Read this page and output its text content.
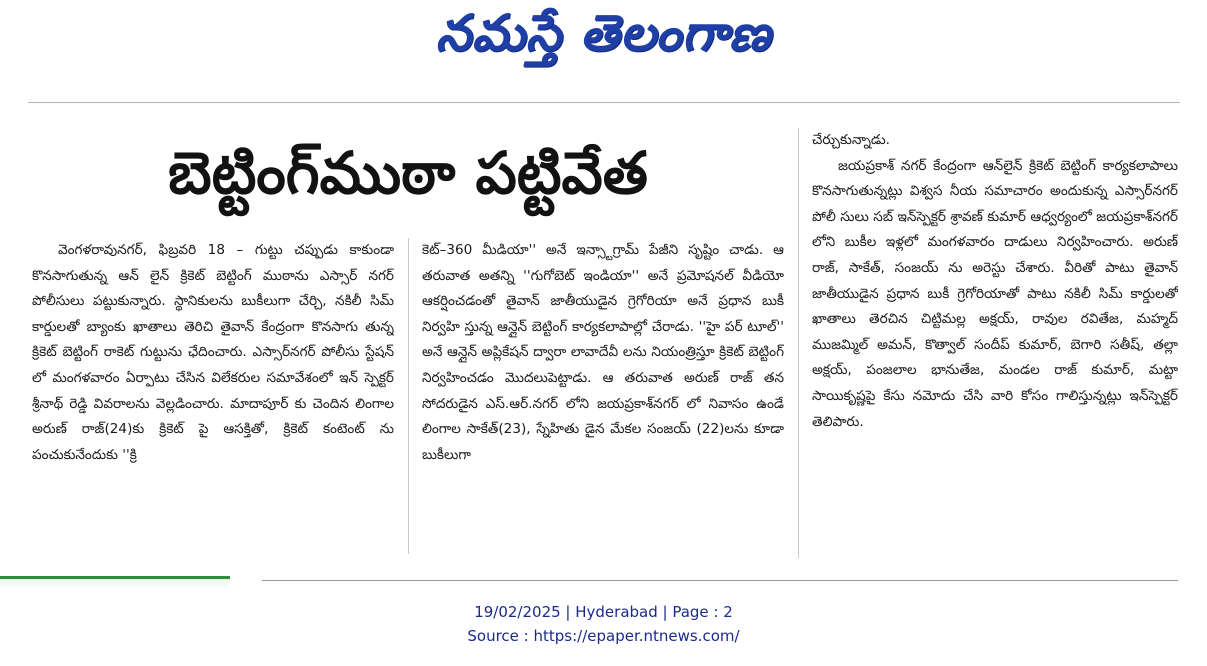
నమస్తే తెలంగాణ
బెట్టింగ్‌ముఠా పట్టివేత

వెంగళరావునగర్‌, ఫిబ్రవరి 18 – గుట్టు చప్పుడు కాకుండా కొనసాగుతున్న ఆన్‌ లైన్‌ క్రికెట్‌ బెట్టింగ్‌ ముఠాను ఎస్సార్‌ నగర్‌ పోలీసులు పట్టుకున్నారు. స్థానికులను బుకీలుగా చేర్చి, నకిలీ సిమ్‌ కార్డులతో బ్యాంకు ఖాతాలు తెరిచి తైవాన్‌ కేంద్రంగా కొనసాగు తున్న క్రికెట్‌ బెట్టింగ్‌ రాకెట్‌ గుట్టును ఛేదించారు. ఎస్సార్‌నగర్‌ పోలీసు స్టేషన్‌ లో మంగళవారం ఏర్పాటు చేసిన విలేకరుల సమావేశంలో ఇన్‌ స్పెక్టర్‌ శ్రీనాథ్‌ రెడ్డి వివరాలను వెల్లడించారు. మాదాపూర్‌ కు చెందిన లింగాల అరుణ్‌ రాజ్‌(24)కు క్రికెట్‌ పై ఆసక్తితో, క్రికెట్‌ కంటెంట్‌ ను పంచుకునేందుకు ''క్రి

కెట్‌–360 మీడియా'' అనే ఇన్స్టాగ్రామ్‌ పేజీని సృష్టిం చాడు. ఆ తరువాత అతన్ని ''గుగోబెట్‌ ఇండియా'' అనే ప్రమోషనల్‌ వీడియో ఆకర్షించడంతో తైవాన్‌ జాతీయుడైన గ్రెగోరియా అనే ప్రధాన బుకీ నిర్వహి స్తున్న ఆన్లైన్‌ బెట్టింగ్‌ కార్యకలాపాల్లో చేరాడు. ''హై పర్‌ టూల్‌'' అనే ఆన్లైన్‌ అప్లికేషన్‌ ద్వారా లావాదేవీ లను నియంత్రిస్తూ క్రికెట్‌ బెట్టింగ్‌ నిర్వహించడం మొదలుపెట్టాడు. ఆ తరువాత అరుణ్‌ రాజ్‌ తన సోదరుడైన ఎస్‌.ఆర్‌.నగర్‌ లోని జయప్రకాశ్‌నగర్‌ లో నివాసం ఉండే లింగాల సాకేత్‌(23), స్నేహితు డైన మేకల సంజయ్‌ (22)లను కూడా బుకీలుగా

చేర్చుకున్నాడు.

జయప్రకాశ్‌ నగర్‌ కేంద్రంగా ఆన్‌లైన్‌ క్రికెట్‌ బెట్టింగ్‌ కార్యకలాపాలు కొనసాగుతున్నట్లు విశ్వస నీయ సమాచారం అందుకున్న ఎస్సార్‌నగర్‌ పోలీ సులు సబ్‌ ఇన్‌స్పెక్టర్‌ శ్రావణ్‌ కుమార్‌ ఆధ్వర్యంలో జయప్రకాశ్‌నగర్‌ లోని బుకీల ఇళ్లలో మంగళవారం దాడులు నిర్వహించారు. అరుణ్‌ రాజ్‌, సాకేత్‌, సంజయ్‌ ను అరెస్టు చేశారు. వీరితో పాటు తైవాన్‌ జాతీయుడైన ప్రధాన బుకీ గ్రెగోరియాతో పాటు నకిలీ సిమ్‌ కార్డులతో ఖాతాలు తెరచిన చిట్టిమల్ల అక్షయ్‌, రావుల రవితేజ, మహ్మద్‌ ముజమ్మిల్‌ అమన్‌, కొత్వాల్‌ సందీప్‌ కుమార్‌, బెగారి సతీష్‌, తల్లా అక్షయ్‌, పంజలాల భానుతేజ, మండల రాజ్‌ కుమార్‌, మట్టా సాయికృష్ణపై కేసు నమోదు చేసి వారి కోసం గాలిస్తున్నట్లు ఇన్‌స్పెక్టర్‌ తెలిపారు.

19/02/2025 | Hyderabad | Page : 2
Source : https://epaper.ntnews.com/
